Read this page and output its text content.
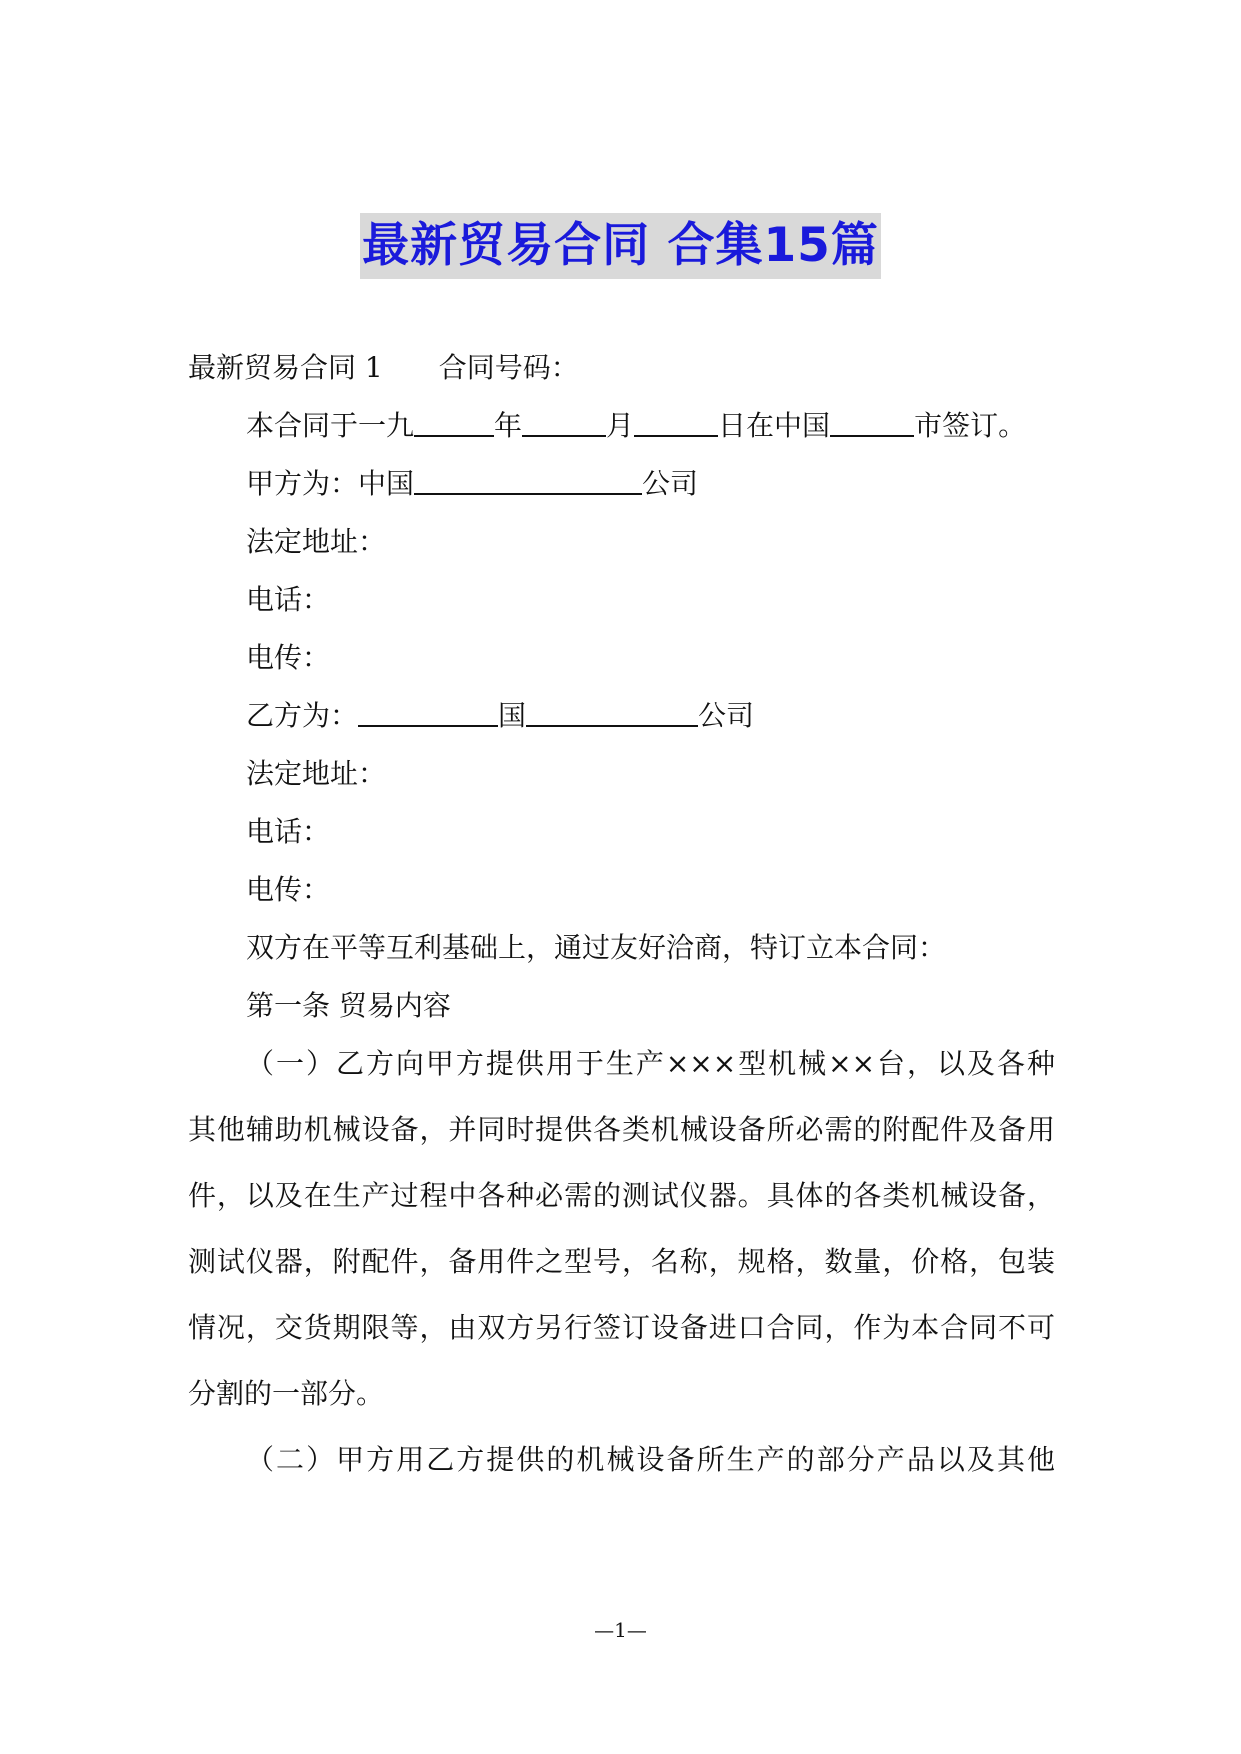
最新贸易合同 合集15篇
最新贸易合同 1 合同号码：
本合同于一九	年	月	日在中国	市签订。
甲方为：中国	公司
法定地址：
电话：
电传：
乙方为：	国	公司
法定地址：
电话：
电传：
双方在平等互利基础上，通过友好洽商，特订立本合同：
第一条 贸易内容
（一）乙方向甲方提供用于生产×××型机械××台，以及各种
其他辅助机械设备，并同时提供各类机械设备所必需的附配件及备用
件，以及在生产过程中各种必需的测试仪器。具体的各类机械设备，
测试仪器，附配件，备用件之型号，名称，规格，数量，价格，包装
情况，交货期限等，由双方另行签订设备进口合同，作为本合同不可
分割的一部分。
（二）甲方用乙方提供的机械设备所生产的部分产品以及其他
—1—
